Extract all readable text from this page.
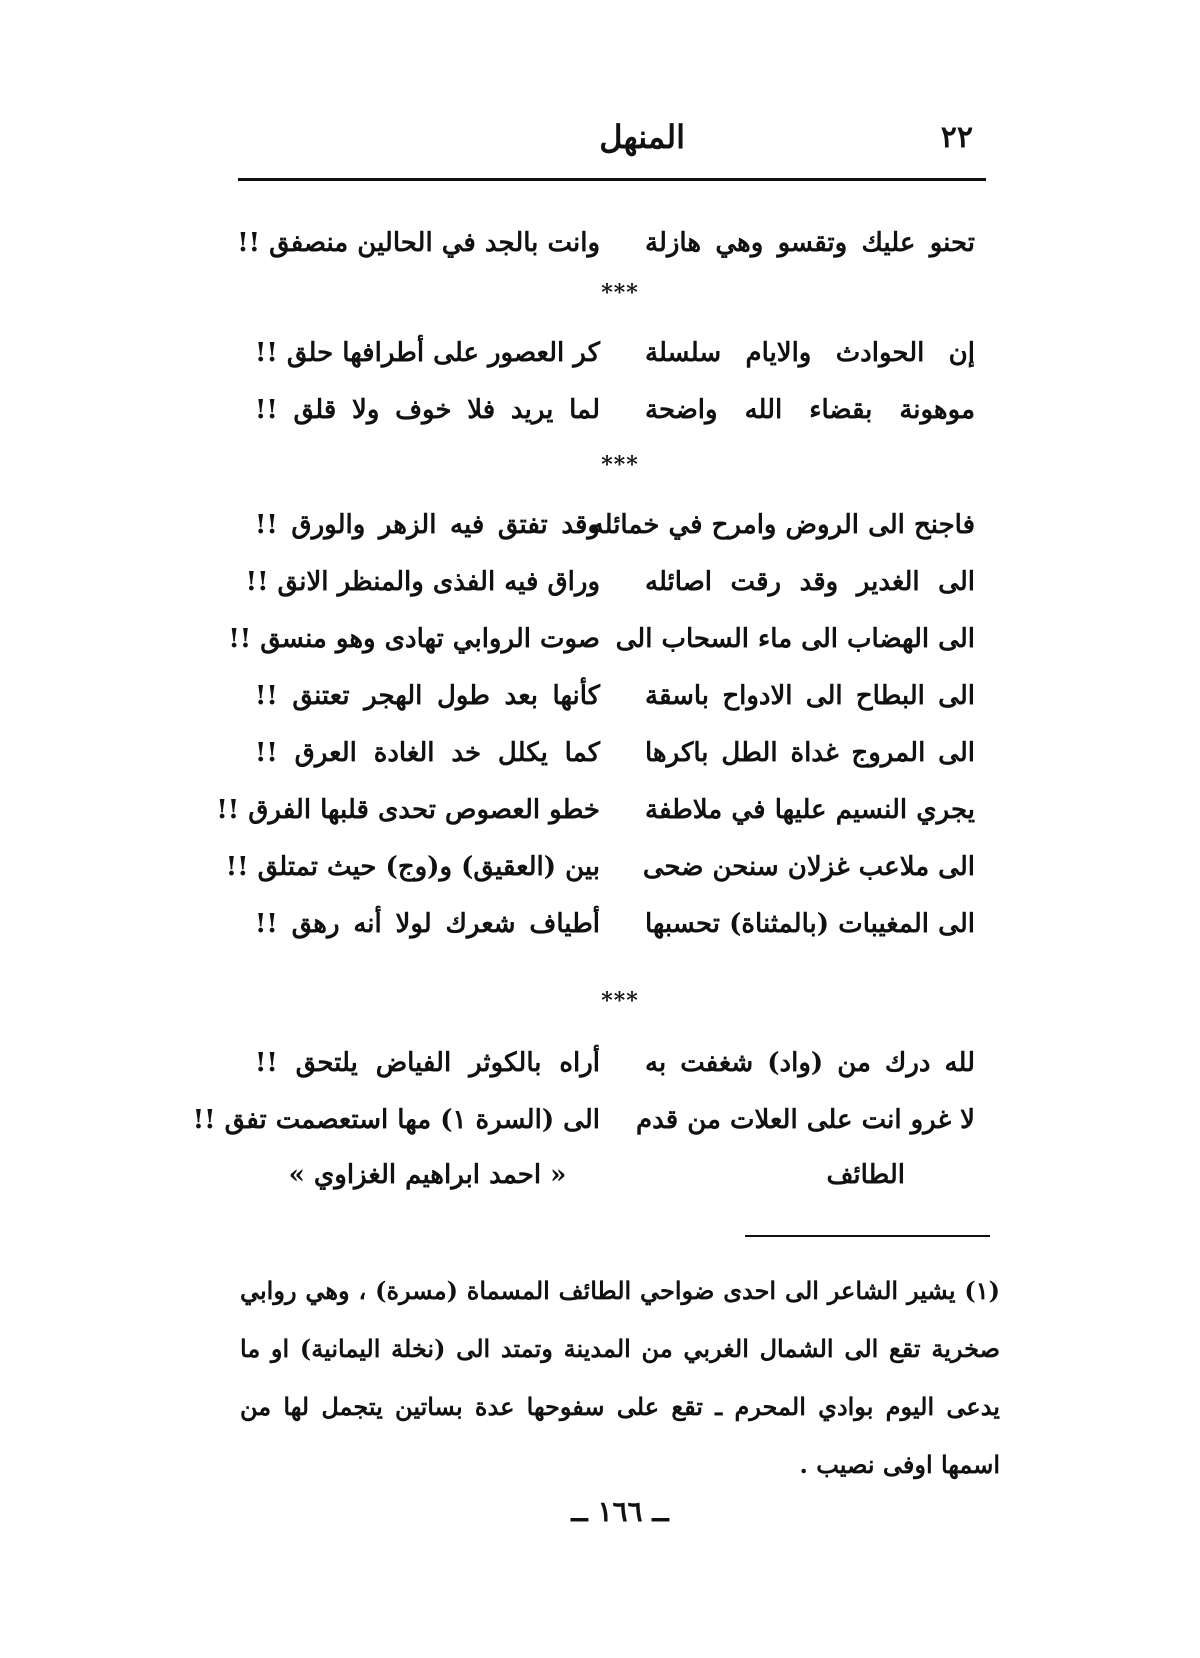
٢٢
المنهل
تحنو عليك وتقسو وهي هازلة
وانت بالجد في الحالين منصفق !!
***
إن الحوادث والايام سلسلة
كر العصور على أطرافها حلق !!
موهونة بقضاء الله واضحة
لما يريد فلا خوف ولا قلق !!
***
فاجنح الى الروض وامرح في خمائله
وقد تفتق فيه الزهر والورق !!
الى الغدير وقد رقت اصائله
وراق فيه الفذى والمنظر الانق !!
الى الهضاب الى ماء السحاب الى
صوت الروابي تهادى وهو منسق !!
الى البطاح الى الادواح باسقة
كأنها بعد طول الهجر تعتنق !!
الى المروج غداة الطل باكرها
كما يكلل خد الغادة العرق !!
يجري النسيم عليها في ملاطفة
خطو العصوص تحدى قلبها الفرق !!
الى ملاعب غزلان سنحن ضحى
بين (العقيق) و(وج) حيث تمتلق !!
الى المغيبات (بالمثناة) تحسبها
أطياف شعرك لولا أنه رهق !!
***
لله درك من (واد) شغفت به
أراه بالكوثر الفياض يلتحق !!
لا غرو انت على العلات من قدم
الى (السرة ١) مها استعصمت تفق !!
الطائف
« احمد ابراهيم الغزاوي »
(١) يشير الشاعر الى احدى ضواحي الطائف المسماة (مسرة) ، وهي روابي صخرية تقع الى الشمال الغربي من المدينة وتمتد الى (نخلة اليمانية) او ما يدعى اليوم بوادي المحرم ـ تقع على سفوحها عدة بساتين يتجمل لها من اسمها اوفى نصيب .
ــ ١٦٦ ــ
